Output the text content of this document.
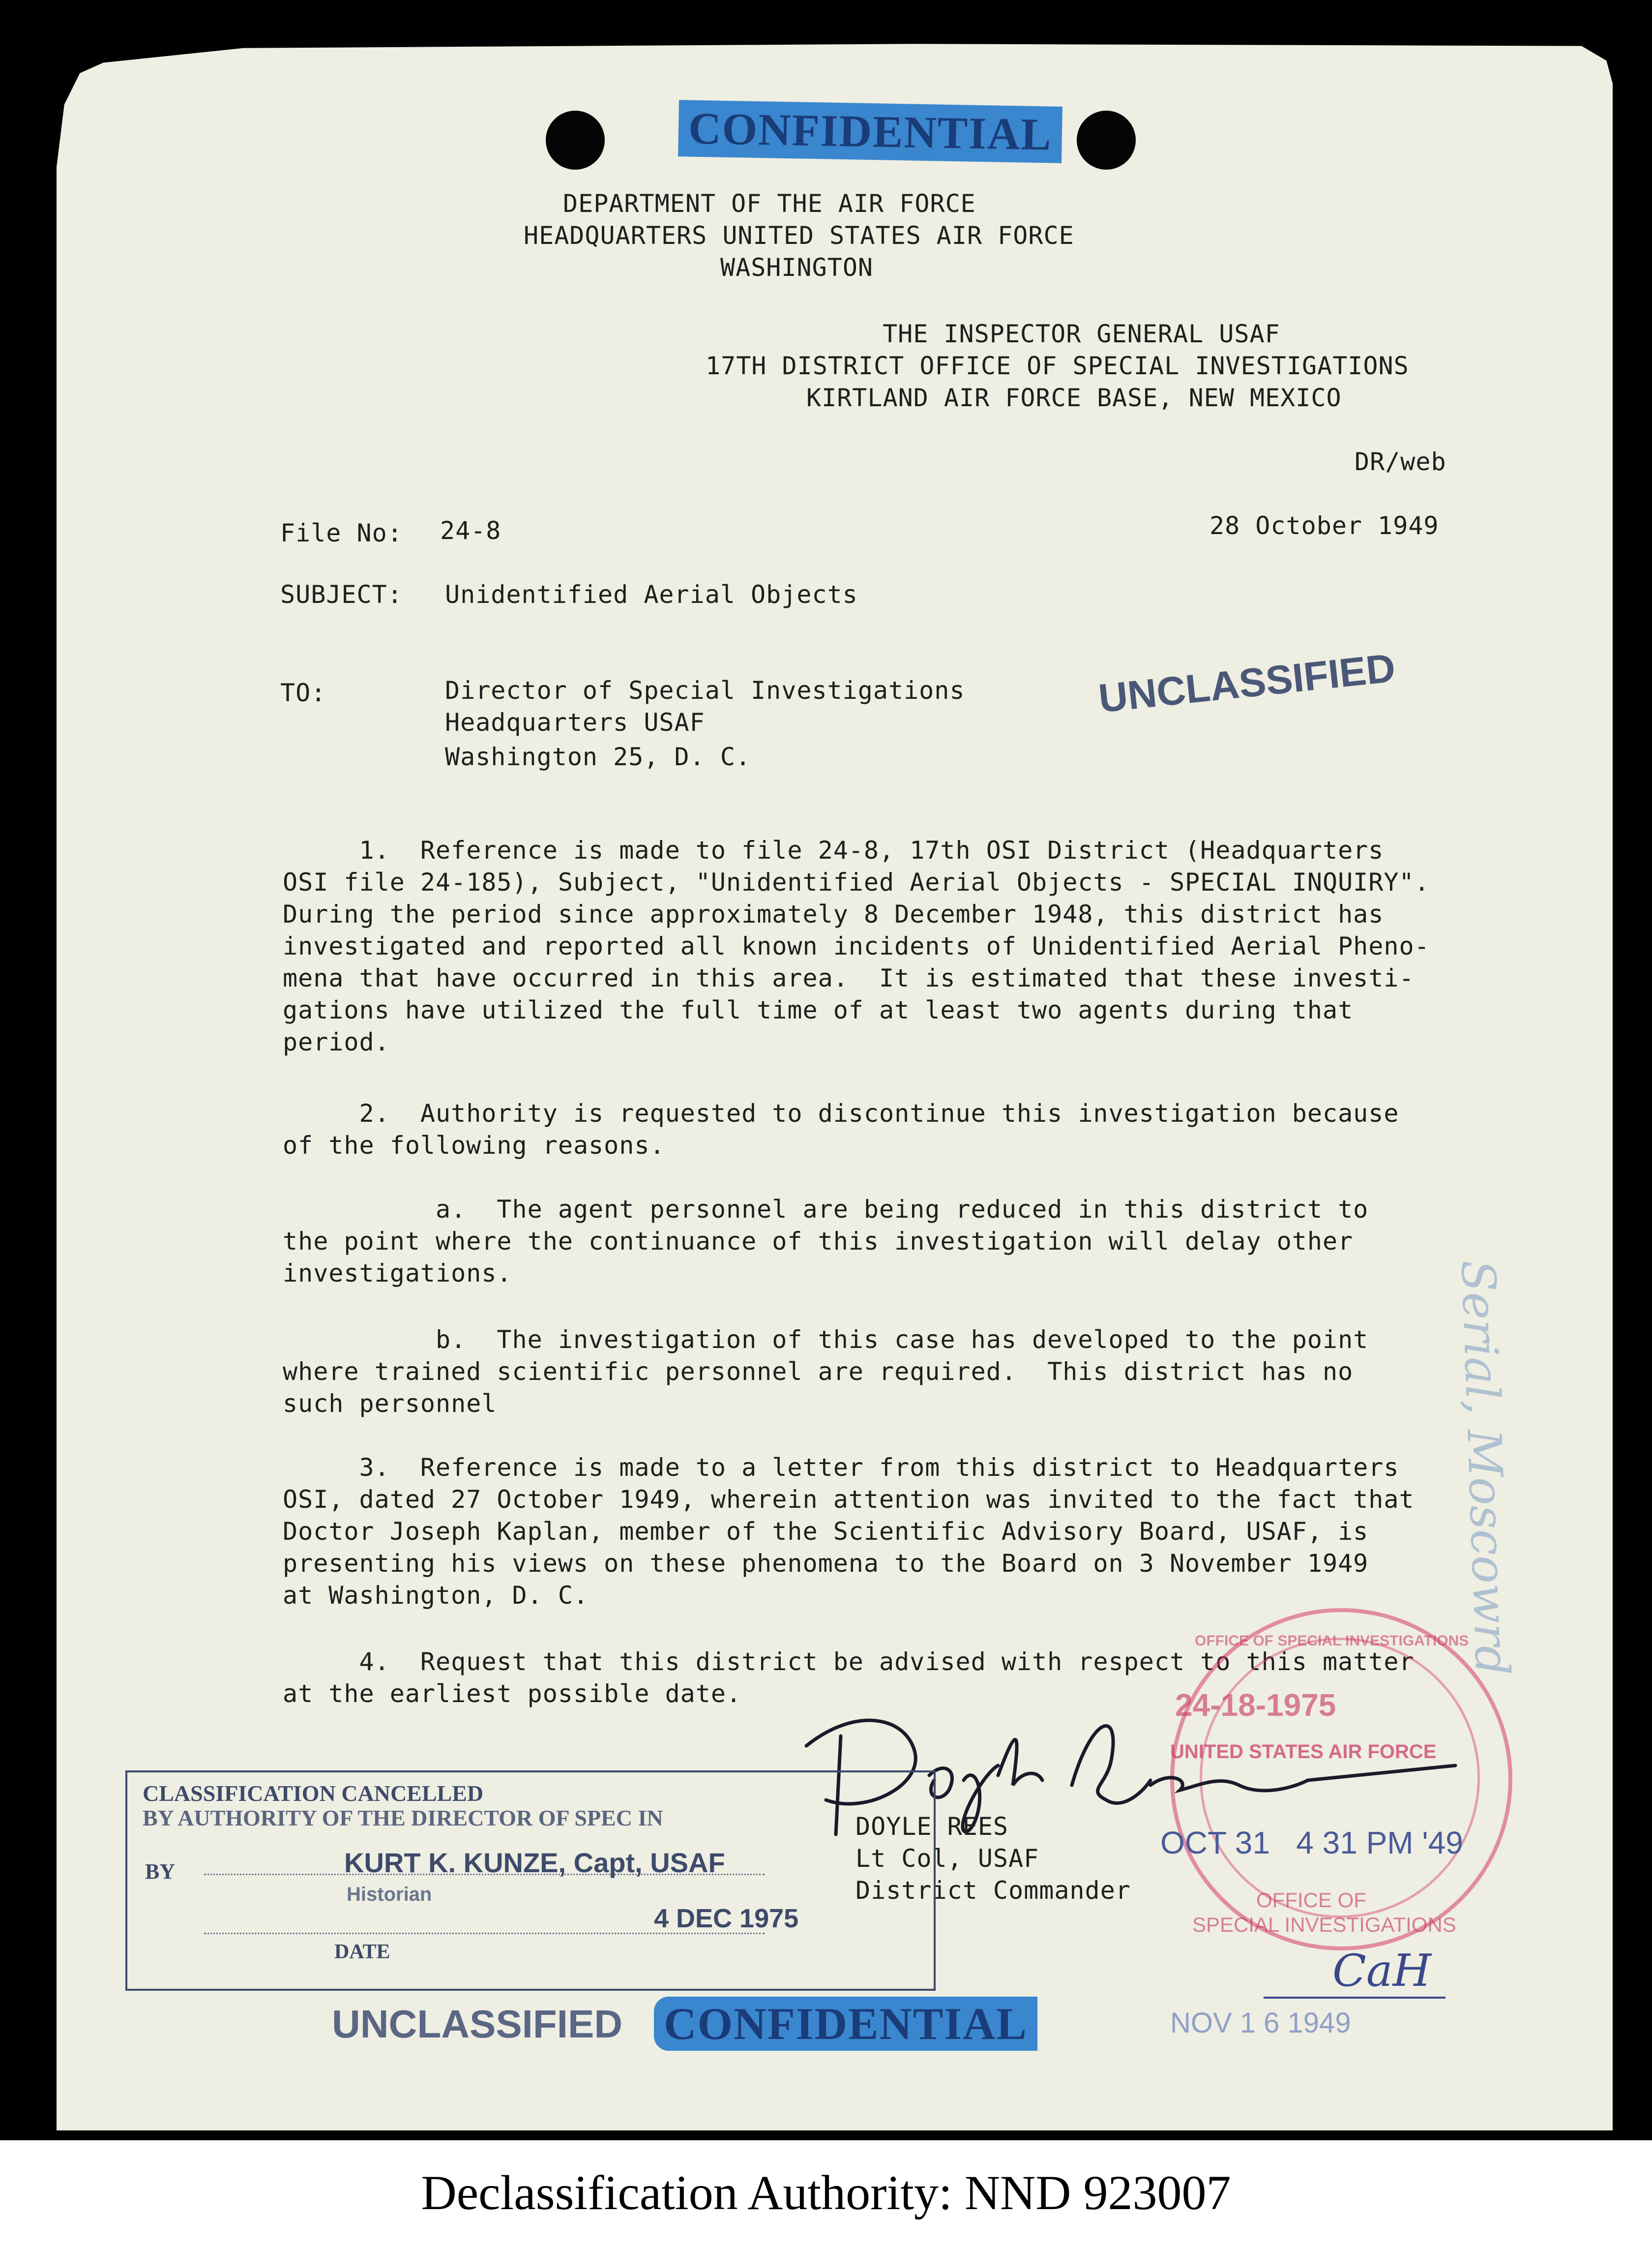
CONFIDENTIAL
DEPARTMENT OF THE AIR FORCE
HEADQUARTERS UNITED STATES AIR FORCE
WASHINGTON
THE INSPECTOR GENERAL USAF
17TH DISTRICT OFFICE OF SPECIAL INVESTIGATIONS
KIRTLAND AIR FORCE BASE, NEW MEXICO
DR/web
File No: 24-8	28 October 1949
SUBJECT: Unidentified Aerial Objects
TO:	Director of Special Investigations
Headquarters USAF
Washington 25, D. C.
UNCLASSIFIED
1.  Reference is made to file 24-8, 17th OSI District (Headquarters
OSI file 24-185), Subject, "Unidentified Aerial Objects - SPECIAL INQUIRY".
During the period since approximately 8 December 1948, this district has
investigated and reported all known incidents of Unidentified Aerial Pheno-
mena that have occurred in this area.  It is estimated that these investi-
gations have utilized the full time of at least two agents during that
period.
2.  Authority is requested to discontinue this investigation because
of the following reasons.
a.  The agent personnel are being reduced in this district to
the point where the continuance of this investigation will delay other
investigations.
b.  The investigation of this case has developed to the point
where trained scientific personnel are required.  This district has no
such personnel
3.  Reference is made to a letter from this district to Headquarters
OSI, dated 27 October 1949, wherein attention was invited to the fact that
Doctor Joseph Kaplan, member of the Scientific Advisory Board, USAF, is
presenting his views on these phenomena to the Board on 3 November 1949
at Washington, D. C.
4.  Request that this district be advised with respect to this matter
at the earliest possible date.
Serial, Moscowrd
24-18-1975
UNITED STATES AIR FORCE
OFFICE OF SPECIAL INVESTIGATIONS
OCT 31   4 31 PM '49
OFFICE OF
SPECIAL INVESTIGATIONS
CaH
NOV 1 6 1949
DOYLE REES
Lt Col, USAF
District Commander
CLASSIFICATION CANCELLED
BY AUTHORITY OF THE DIRECTOR OF SPEC IN
BY	KURT K. KUNZE, Capt, USAF
Historian
4 DEC 1975
DATE
UNCLASSIFIED CONFIDENTIAL
Declassification Authority: NND 923007
